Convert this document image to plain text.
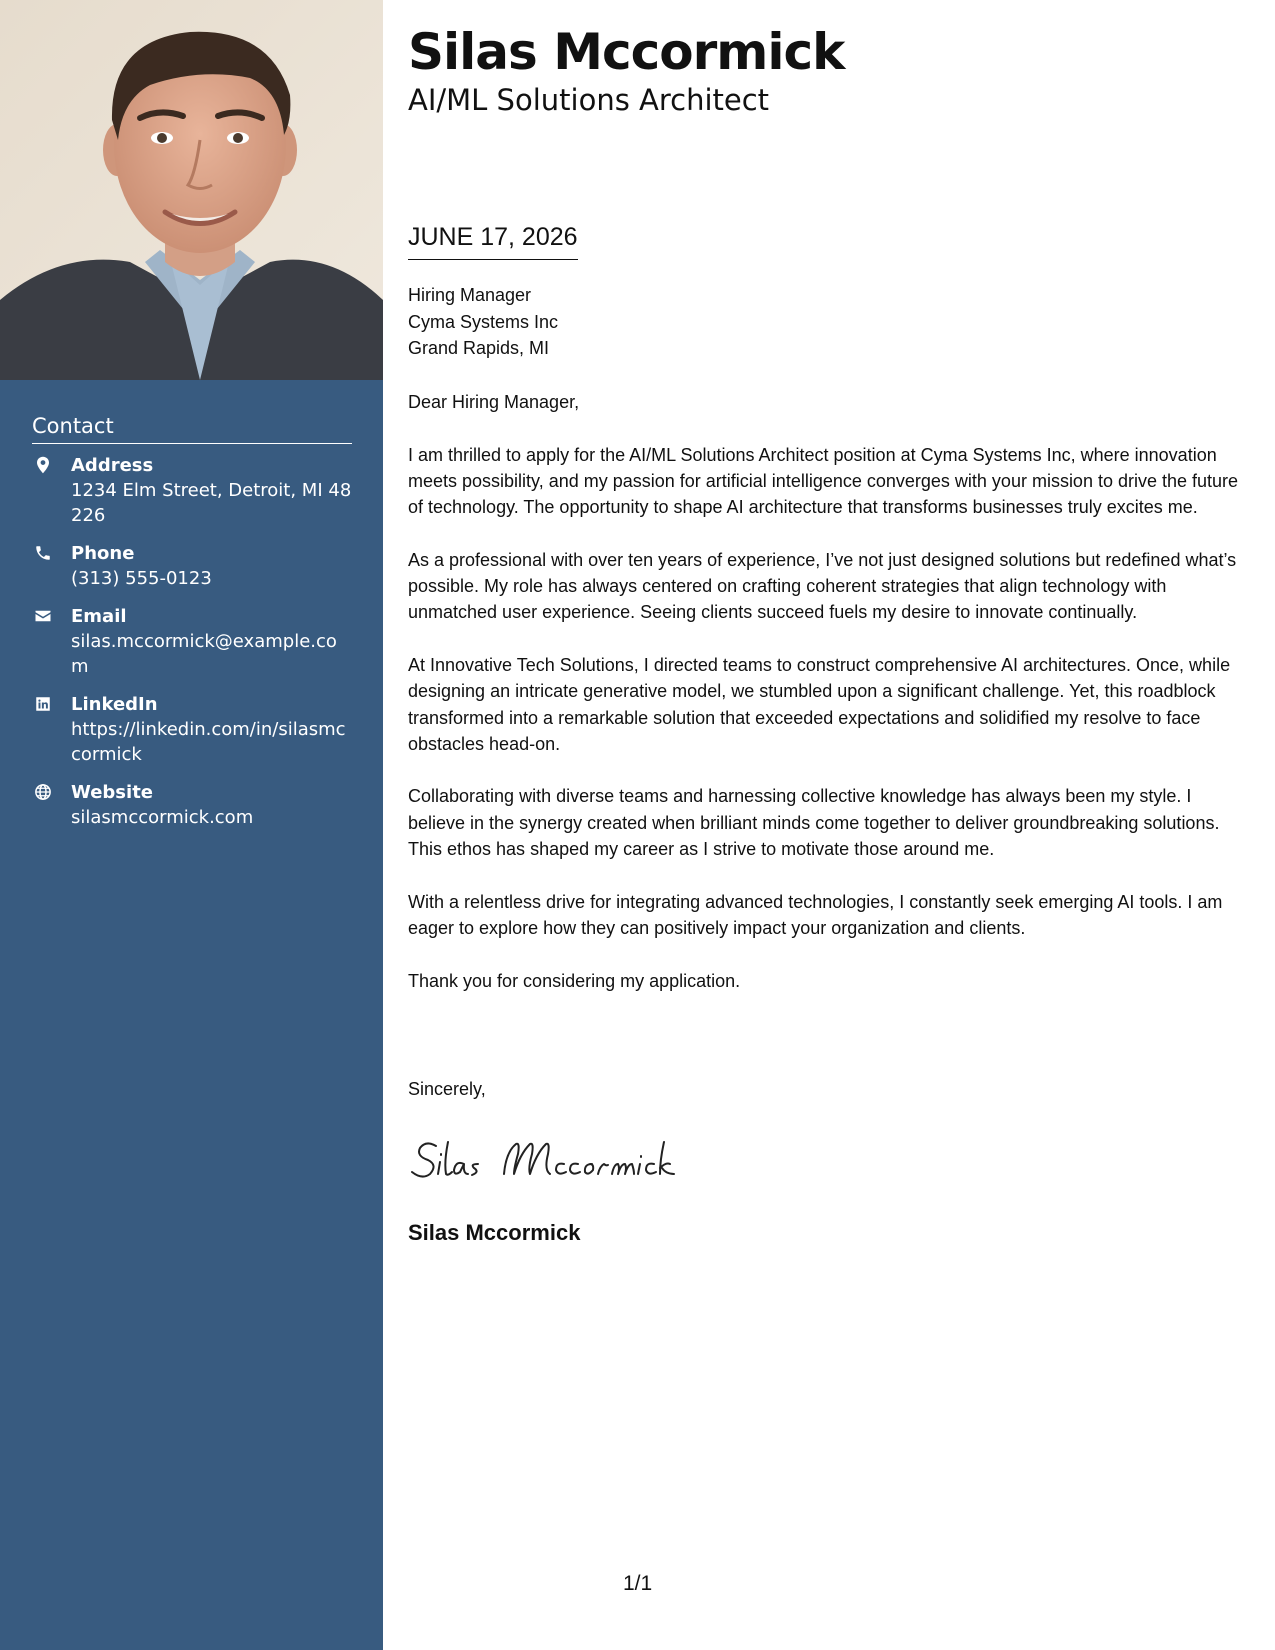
Contact
Address
1234 Elm Street, Detroit, MI 48226
Phone
(313) 555-0123
Email
silas.mccormick@example.com
LinkedIn
https://linkedin.com/in/silasmccormick
Website
silasmccormick.com
Silas Mccormick
AI/ML Solutions Architect
JUNE 17, 2026
Hiring Manager
Cyma Systems Inc
Grand Rapids, MI

Dear Hiring Manager,

I am thrilled to apply for the AI/ML Solutions Architect position at Cyma Systems Inc, where innovation meets possibility, and my passion for artificial intelligence converges with your mission to drive the future of technology. The opportunity to shape AI architecture that transforms businesses truly excites me.

As a professional with over ten years of experience, I’ve not just designed solutions but redefined what’s possible. My role has always centered on crafting coherent strategies that align technology with unmatched user experience. Seeing clients succeed fuels my desire to innovate continually.

At Innovative Tech Solutions, I directed teams to construct comprehensive AI architectures. Once, while designing an intricate generative model, we stumbled upon a significant challenge. Yet, this roadblock transformed into a remarkable solution that exceeded expectations and solidified my resolve to face obstacles head-on.

Collaborating with diverse teams and harnessing collective knowledge has always been my style. I believe in the synergy created when brilliant minds come together to deliver groundbreaking solutions. This ethos has shaped my career as I strive to motivate those around me.

With a relentless drive for integrating advanced technologies, I constantly seek emerging AI tools. I am eager to explore how they can positively impact your organization and clients.

Thank you for considering my application.

Sincerely,
Silas Mccormick
1/1
